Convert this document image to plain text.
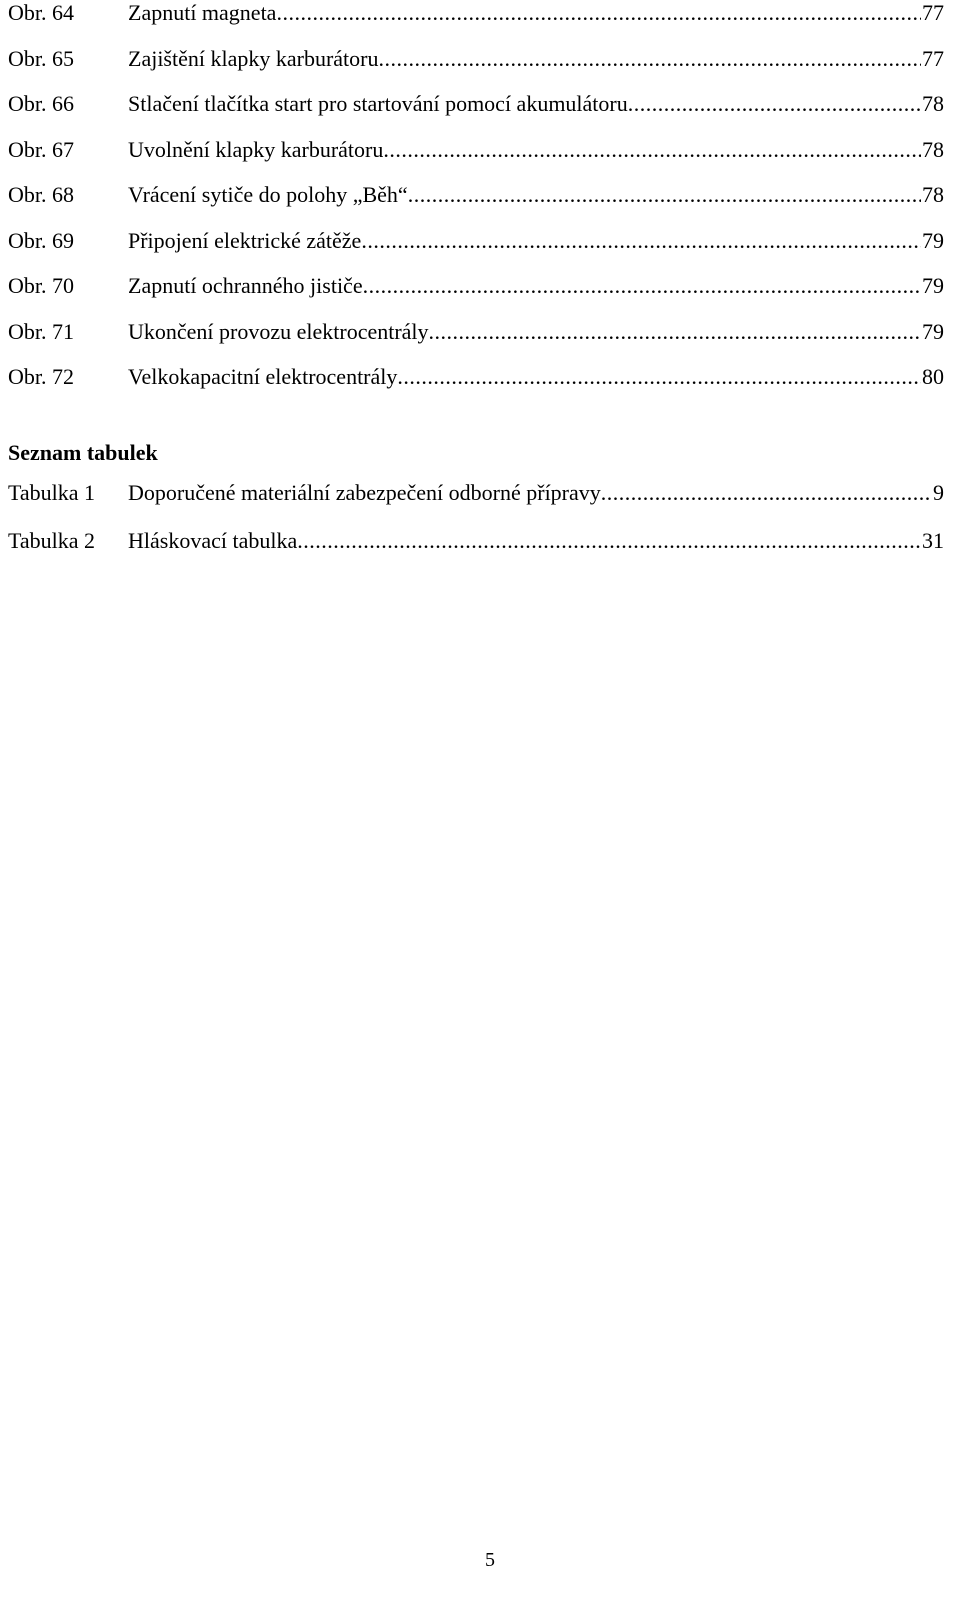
Obr. 64	Zapnutí magneta .....	77
Obr. 65	Zajištění klapky karburátoru .....	77
Obr. 66	Stlačení tlačítka start pro startování pomocí akumulátoru .....	78
Obr. 67	Uvolnění klapky karburátoru .....	78
Obr. 68	Vrácení sytiče do polohy „Běh“ .....	78
Obr. 69	Připojení elektrické zátěže .....	79
Obr. 70	Zapnutí ochranného jističe .....	79
Obr. 71	Ukončení provozu elektrocentrály .....	79
Obr. 72	Velkokapacitní elektrocentrály .....	80
Seznam tabulek
Tabulka 1	Doporučené materiální zabezpečení odborné přípravy .....	9
Tabulka 2	Hláskovací tabulka .....	31
5
